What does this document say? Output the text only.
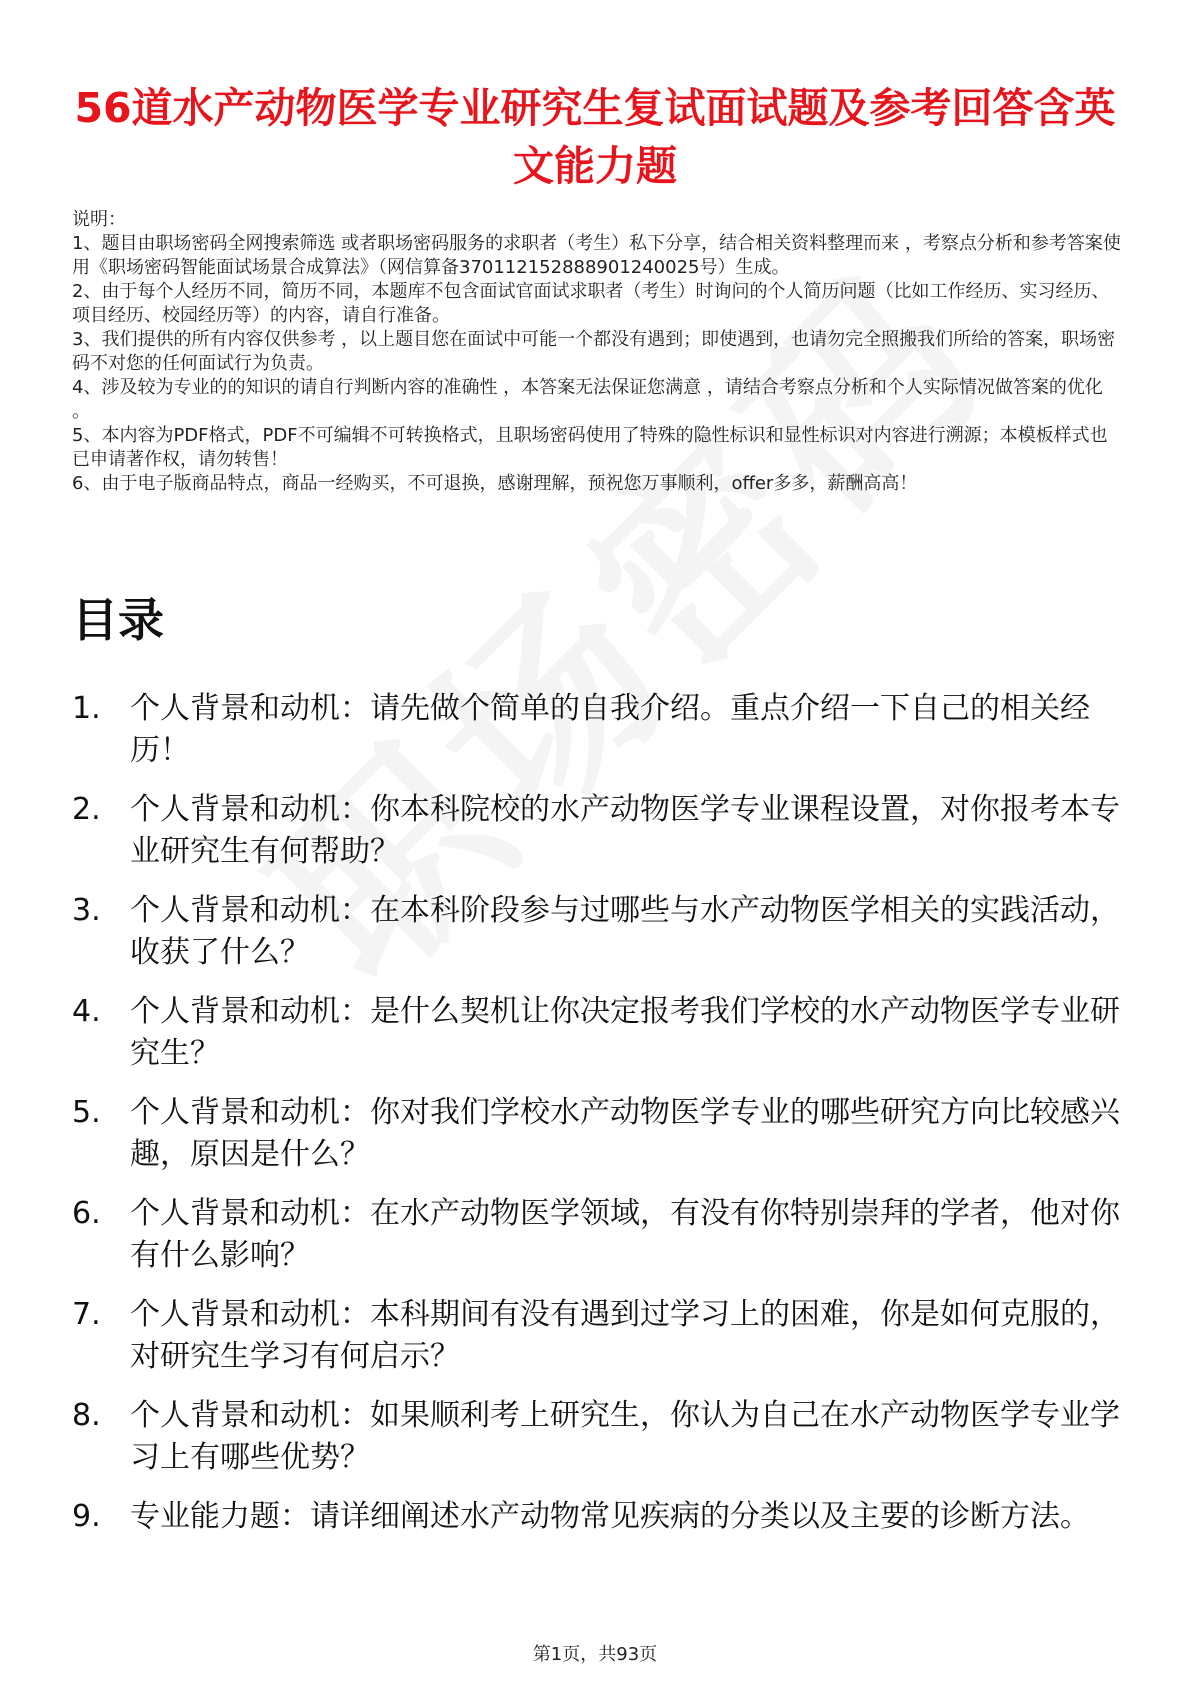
56道水产动物医学专业研究生复试面试题及参考回答含英文能力题

说明：

1、题目由职场密码全网搜索筛选 或者职场密码服务的求职者（考生）私下分享，结合相关资料整理而来 ，考察点分析和参考答案使用《职场密码智能面试场景合成算法》（网信算备370112152888901240025号）生成。

2、由于每个人经历不同，简历不同，本题库不包含面试官面试求职者（考生）时询问的个人简历问题（比如工作经历、实习经历、项目经历、校园经历等）的内容，请自行准备。

3、我们提供的所有内容仅供参考 ，以上题目您在面试中可能一个都没有遇到；即使遇到，也请勿完全照搬我们所给的答案，职场密码不对您的任何面试行为负责。

4、涉及较为专业的的知识的请自行判断内容的准确性 ，本答案无法保证您满意 ，请结合考察点分析和个人实际情况做答案的优化 。

5、本内容为PDF格式，PDF不可编辑不可转换格式，且职场密码使用了特殊的隐性标识和显性标识对内容进行溯源；本模板样式也已申请著作权，请勿转售！

6、由于电子版商品特点，商品一经购买，不可退换，感谢理解，预祝您万事顺利，offer多多，薪酬高高！

目录
1. 个人背景和动机：请先做个简单的自我介绍。重点介绍一下自己的相关经历！
2. 个人背景和动机：你本科院校的水产动物医学专业课程设置，对你报考本专业研究生有何帮助？
3. 个人背景和动机：在本科阶段参与过哪些与水产动物医学相关的实践活动，收获了什么？
4. 个人背景和动机：是什么契机让你决定报考我们学校的水产动物医学专业研究生？
5. 个人背景和动机：你对我们学校水产动物医学专业的哪些研究方向比较感兴趣，原因是什么？
6. 个人背景和动机：在水产动物医学领域，有没有你特别崇拜的学者，他对你有什么影响？
7. 个人背景和动机：本科期间有没有遇到过学习上的困难，你是如何克服的，对研究生学习有何启示？
8. 个人背景和动机：如果顺利考上研究生，你认为自己在水产动物医学专业学习上有哪些优势？
9. 专业能力题：请详细阐述水产动物常见疾病的分类以及主要的诊断方法。
第1页，共93页
